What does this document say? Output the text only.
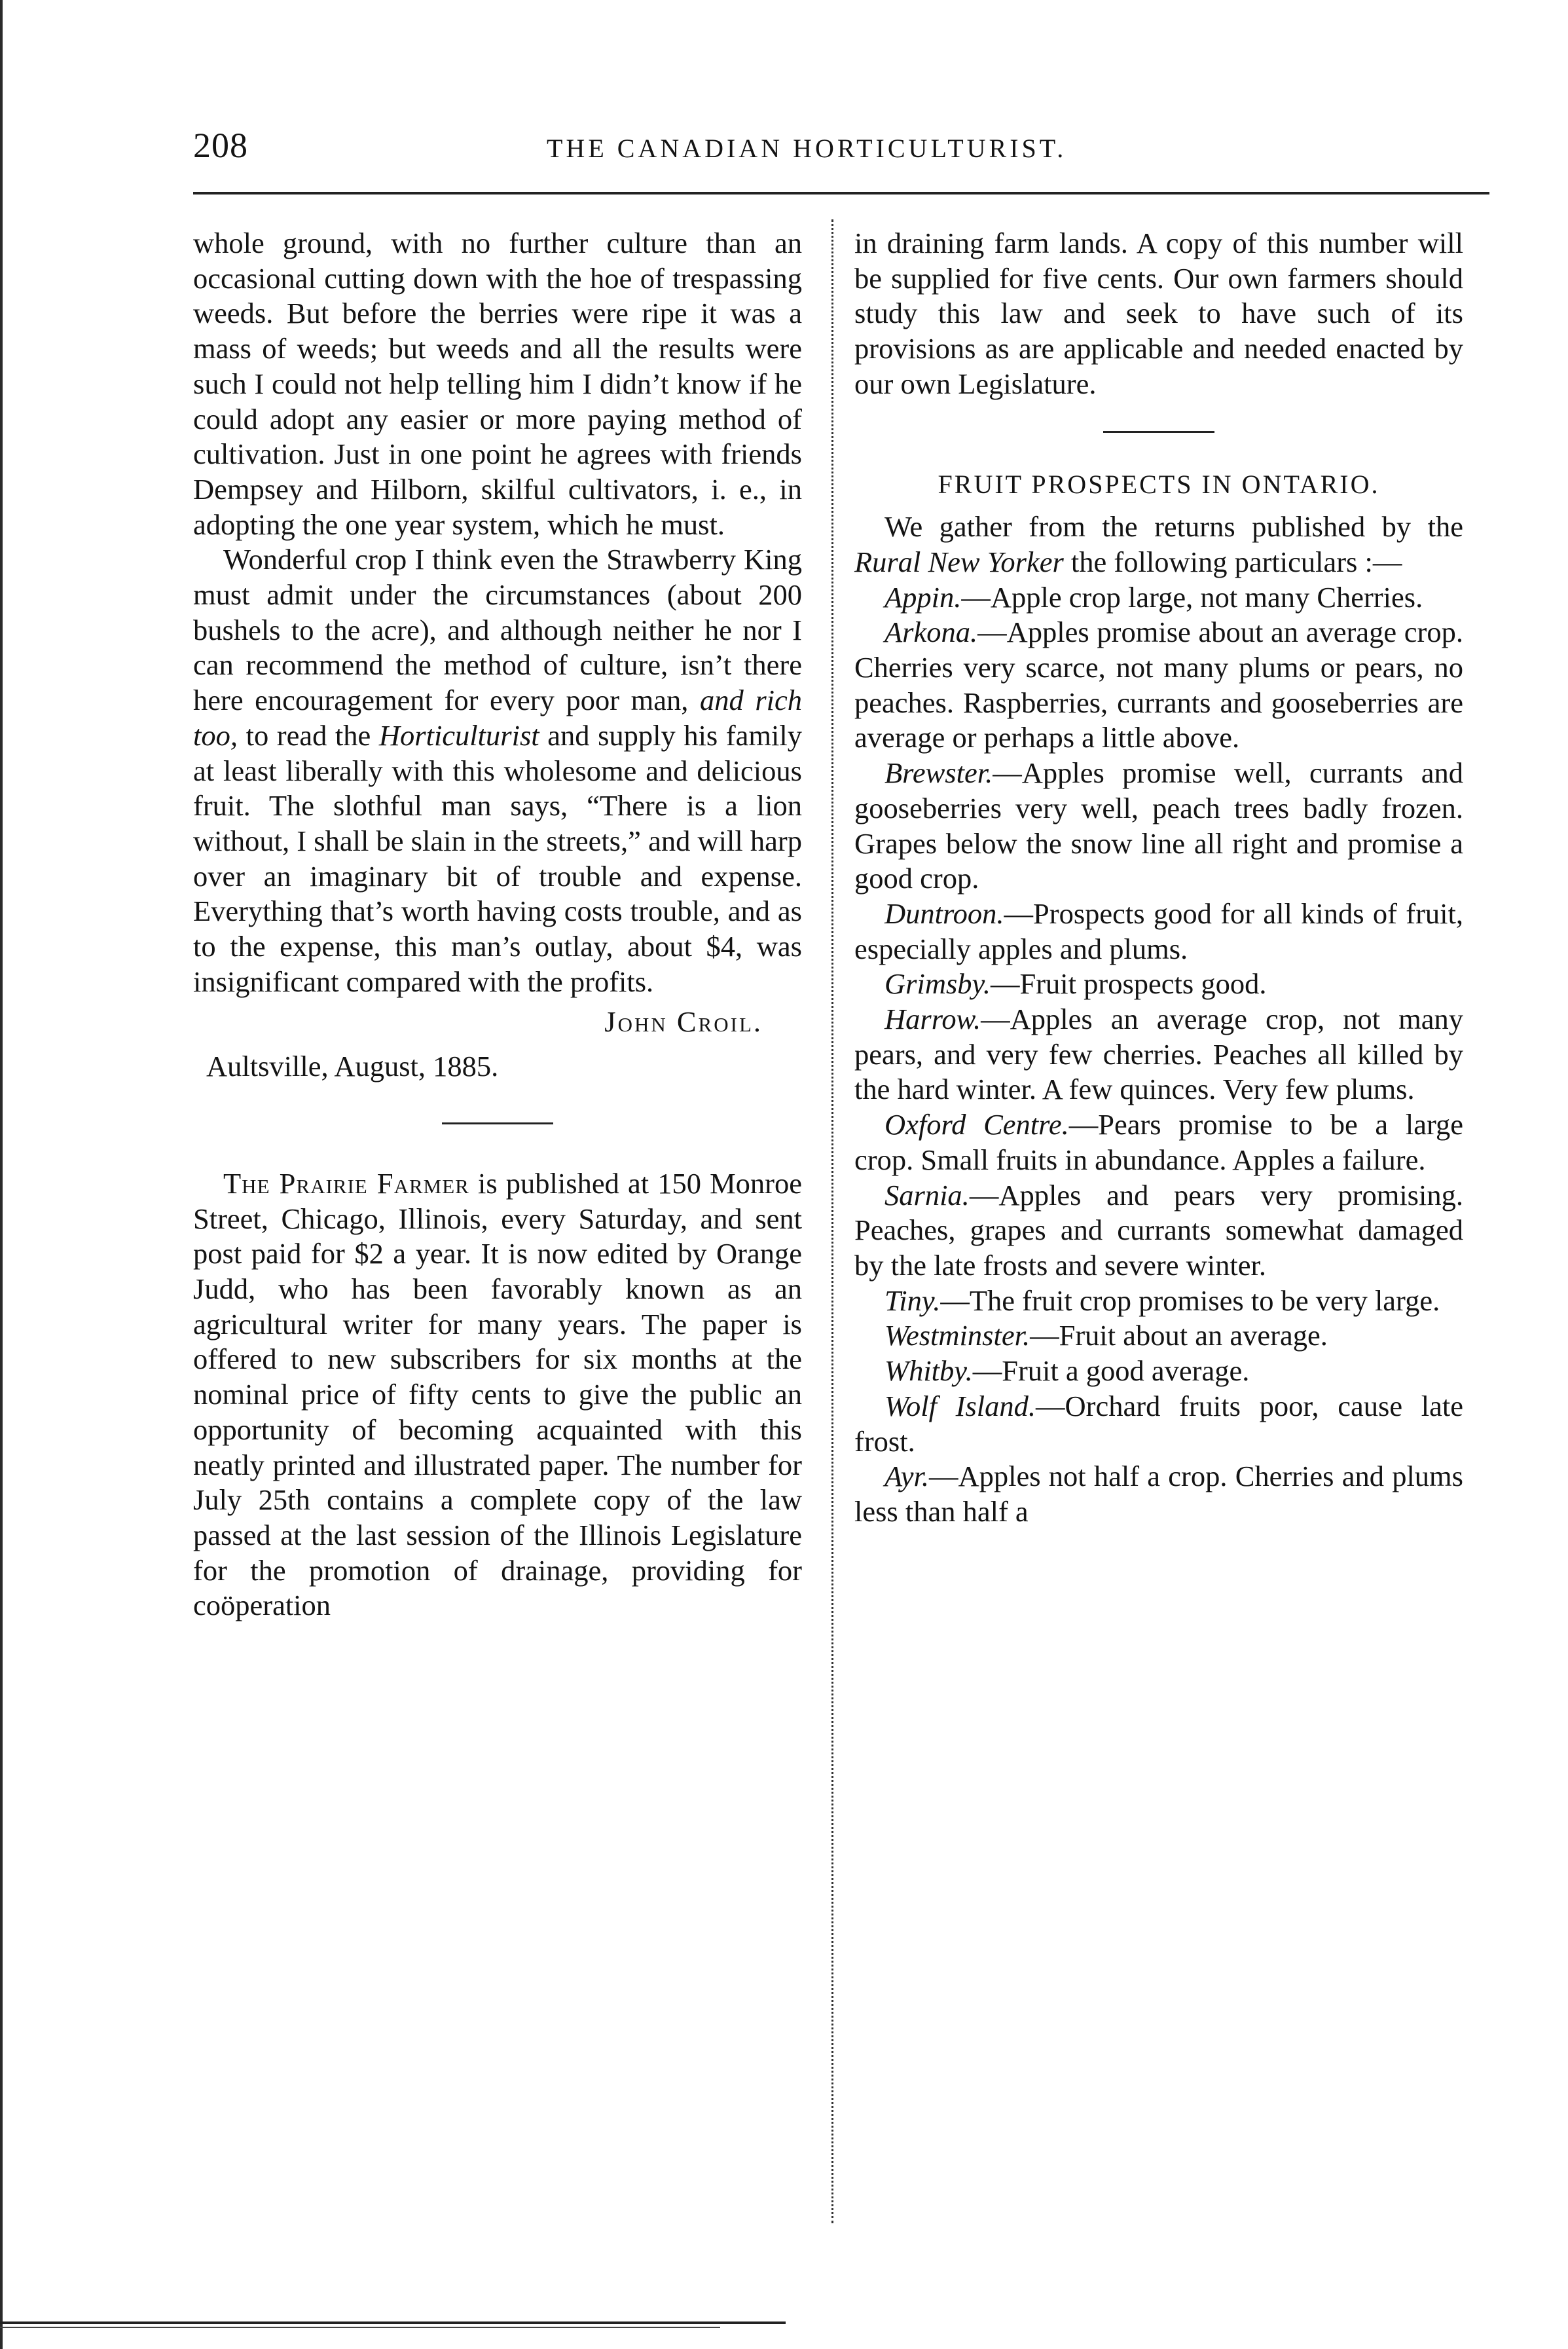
208	THE CANADIAN HORTICULTURIST.

whole ground, with no further culture than an occasional cutting down with the hoe of trespassing weeds. But before the berries were ripe it was a mass of weeds; but weeds and all the results were such I could not help telling him I didn’t know if he could adopt any easier or more paying method of cultivation. Just in one point he agrees with friends Dempsey and Hilborn, skilful cultivators, i. e., in adopting the one year system, which he must.

Wonderful crop I think even the Strawberry King must admit under the circumstances (about 200 bushels to the acre), and although neither he nor I can recommend the method of culture, isn’t there here encouragement for every poor man, and rich too, to read the Horticulturist and supply his family at least liberally with this wholesome and delicious fruit. The slothful man says, “There is a lion without, I shall be slain in the streets,” and will harp over an imaginary bit of trouble and expense. Everything that’s worth having costs trouble, and as to the expense, this man’s outlay, about $4, was insignificant compared with the profits.

John Croil.

Aultsville, August, 1885.

The Prairie Farmer is published at 150 Monroe Street, Chicago, Illinois, every Saturday, and sent post paid for $2 a year. It is now edited by Orange Judd, who has been favorably known as an agricultural writer for many years. The paper is offered to new subscribers for six months at the nominal price of fifty cents to give the public an opportunity of becoming acquainted with this neatly printed and illustrated paper. The number for July 25th contains a complete copy of the law passed at the last session of the Illinois Legislature for the promotion of drainage, providing for coöperation

in draining farm lands. A copy of this number will be supplied for five cents. Our own farmers should study this law and seek to have such of its provisions as are applicable and needed enacted by our own Legislature.

FRUIT PROSPECTS IN ONTARIO.

We gather from the returns published by the Rural New Yorker the following particulars :—

Appin.—Apple crop large, not many Cherries.

Arkona.—Apples promise about an average crop. Cherries very scarce, not many plums or pears, no peaches. Raspberries, currants and gooseberries are average or perhaps a little above.

Brewster.—Apples promise well, currants and gooseberries very well, peach trees badly frozen. Grapes below the snow line all right and promise a good crop.

Duntroon.—Prospects good for all kinds of fruit, especially apples and plums.

Grimsby.—Fruit prospects good.

Harrow.—Apples an average crop, not many pears, and very few cherries. Peaches all killed by the hard winter. A few quinces. Very few plums.

Oxford Centre.—Pears promise to be a large crop. Small fruits in abundance. Apples a failure.

Sarnia.—Apples and pears very promising. Peaches, grapes and currants somewhat damaged by the late frosts and severe winter.

Tiny.—The fruit crop promises to be very large.

Westminster.—Fruit about an average.

Whitby.—Fruit a good average.

Wolf Island.—Orchard fruits poor, cause late frost.

Ayr.—Apples not half a crop. Cherries and plums less than half a
